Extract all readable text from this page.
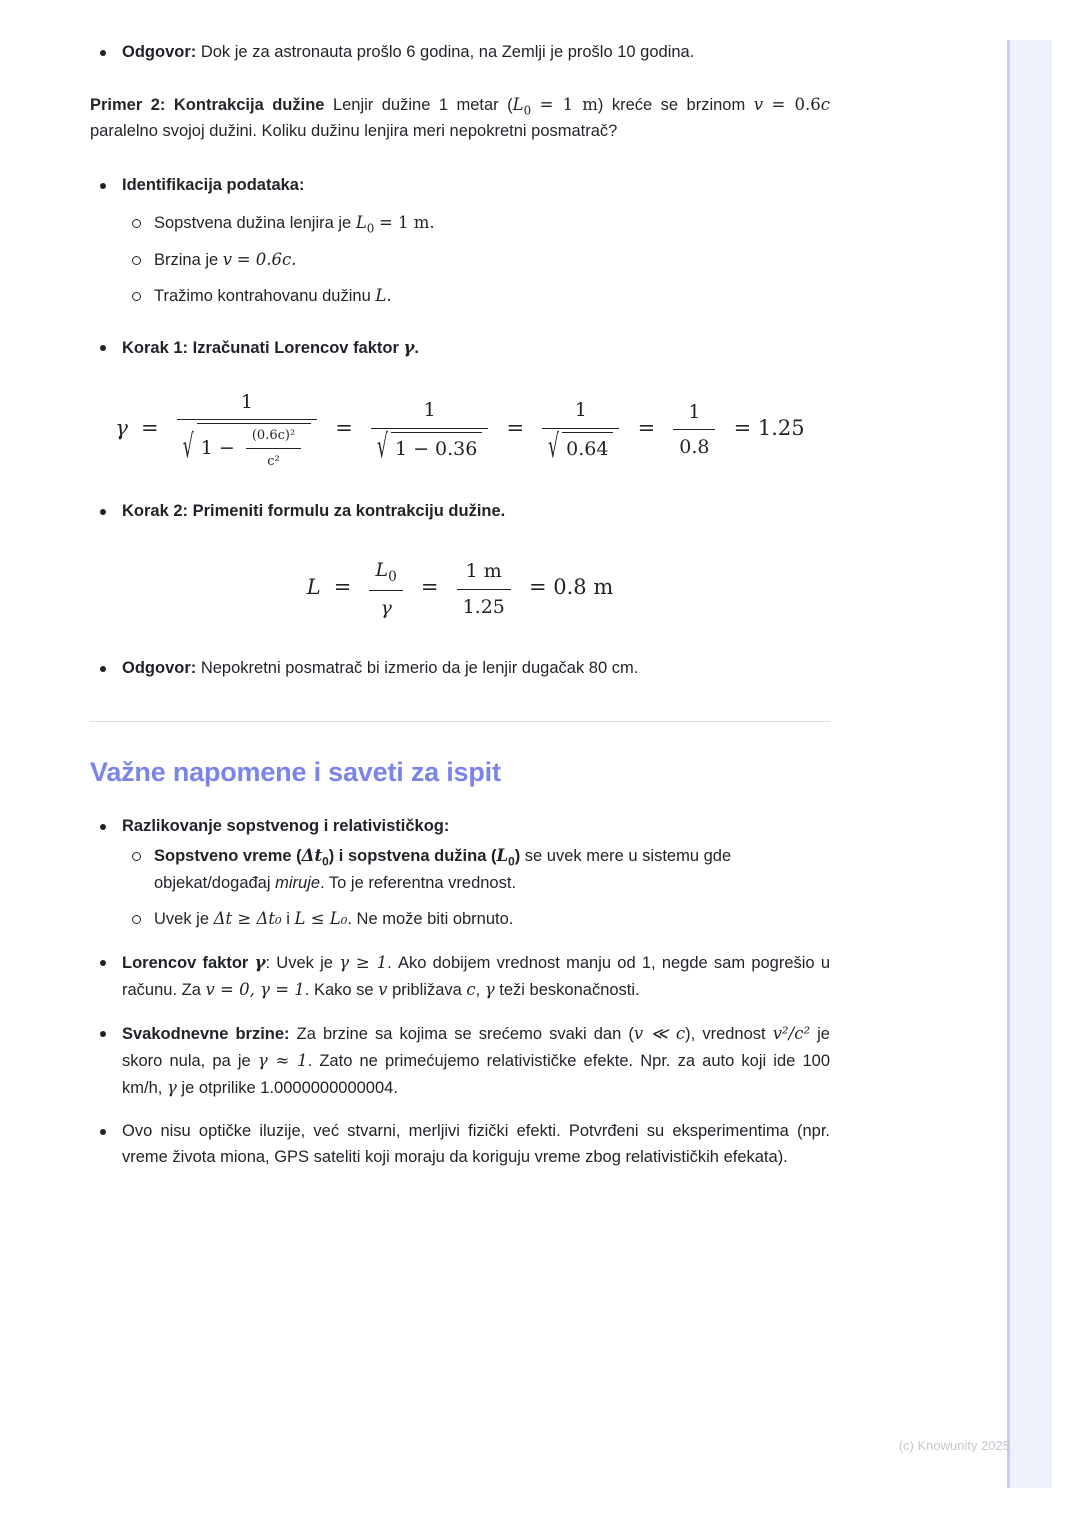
Odgovor: Dok je za astronauta prošlo 6 godina, na Zemlji je prošlo 10 godina.

Primer 2: Kontrakcija dužine Lenjir dužine 1 metar ($L_0 = 1$ m) kreće se brzinom v = 0.6c paralelno svojoj dužini. Koliku dužinu lenjira meri nepokretni posmatrač?

Identifikacija podataka:
Sopstvena dužina lenjira je $L_0 = 1$ m.
Brzina je v = 0.6c.
Tražimo kontrahovanu dužinu L.
Korak 1: Izračunati Lorencov faktor γ.
γ =
1
√ $1 - \frac{\text{(0.6c)²}}{\text{c²}} = 1$
√ 1 − 0.36 = 1
√ $0.64 = \frac{1}{0.8} = 1.25$
Korak 2: Primeniti formulu za kontrakciju dužine.
$L = \frac{L_0}{\gamma} = \frac{1 m}{1.25} = 0.8$ m
Odgovor: Nepokretni posmatrač bi izmerio da je lenjir dugačak 80 cm.
Važne napomene i saveti za ispit
Razlikovanje sopstvenog i relativističkog:
Sopstveno vreme $(\Delta t_0)$ i sopstvena dužina $(L_0)$ se uvek mere u sistemu gde objekat/događaj miruje. To je referentna vrednost.
Uvek je Δt ≥ Δt₀ i L ≤ L₀. Ne može biti obrnuto.
Lorencov faktor γ: Uvek je γ ≥ 1. Ako dobijem vrednost manju od 1, negde sam pogrešio u računu. Za v = 0, γ = 1. Kako se v približava c, γ teži beskonačnosti.
Svakodnevne brzine: Za brzine sa kojima se srećemo svaki dan (v ≪ c), vrednost v²/c² je skoro nula, pa je γ ≈ 1. Zato ne primećujemo relativističke efekte. Npr. za auto koji ide 100 km/h, γ je otprilike 1.0000000000004.
Ovo nisu optičke iluzije, već stvarni, merljivi fizički efekti. Potvrđeni su eksperimentima (npr. vreme života miona, GPS sateliti koji moraju da koriguju vreme zbog relativističkih efekata).
(c) Knowunity 2025
